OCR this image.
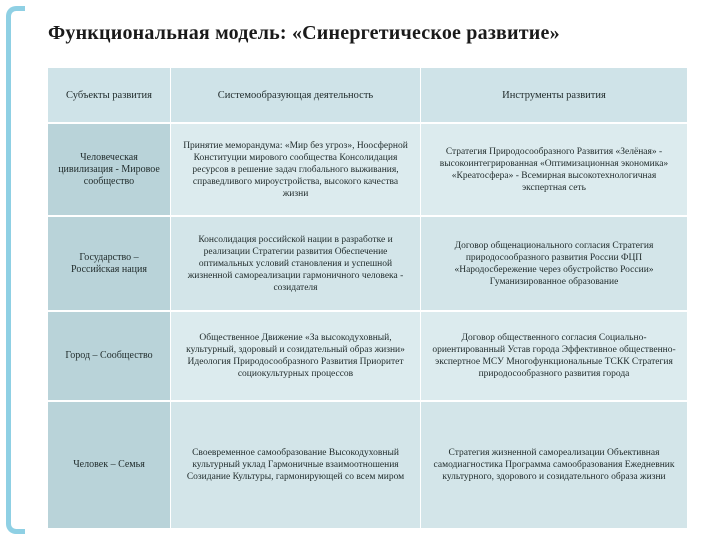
Функциональная модель: «Синергетическое развитие»
Субъекты развития	Системообразующая деятельность	Инструменты развития
Человеческая цивилизация - Мировое сообщество
Принятие меморандума: «Мир без угроз», Ноосферной Конституции мирового сообщества Консолидация ресурсов в решение задач глобального выживания, справедливого мироустройства, высокого качества жизни
Стратегия Природосообразного Развития «Зелёная» - высокоинтегрированная «Оптимизационная экономика» «Креатосфера» - Всемирная высокотехнологичная экспертная сеть
Государство – Российская нация
Консолидация российской нации в разработке и реализации Стратегии развития Обеспечение оптимальных условий становления и успешной жизненной самореализации гармоничного человека - созидателя
Договор общенационального согласия Стратегия природосообразного развития России ФЦП «Народосбережение через обустройство России» Гуманизированное образование
Город – Сообщество
Общественное Движение «За высокодуховный, культурный, здоровый и созидательный образ жизни» Идеология Природосообразного Развития Приоритет социокультурных процессов
Договор общественного согласия Социально-ориентированный Устав города Эффективное общественно-экспертное МСУ Многофункциональные ТСКК Стратегия природосообразного развития города
Человек – Семья
Своевременное самообразование Высокодуховный культурный уклад Гармоничные взаимоотношения Созидание Культуры, гармонирующей со всем миром
Стратегия жизненной самореализации Объективная самодиагностика Программа самообразования Ежедневник культурного, здорового и созидательного образа жизни
